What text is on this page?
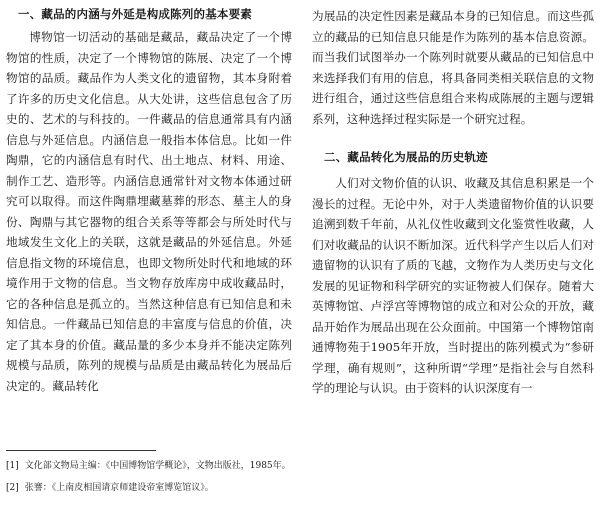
一、藏品的内涵与外延是构成陈列的基本要素

博物馆一切活动的基础是藏品，藏品决定了一个博物馆的性质，决定了一个博物馆的陈展、决定了一个博物馆的品质。藏品作为人类文化的遗留物，其本身附着了许多的历史文化信息。从大处讲，这些信息包含了历史的、艺术的与科技的。一件藏品的信息通常具有内涵信息与外延信息。内涵信息一般指本体信息。比如一件陶鼎，它的内涵信息有时代、出土地点、材料、用途、制作工艺、造形等。内涵信息通常针对文物本体通过研究可以取得。而这件陶鼎埋藏墓葬的形态、墓主人的身份、陶鼎与其它器物的组合关系等等都会与所处时代与地域发生文化上的关联，这就是藏品的外延信息。外延信息指文物的环境信息，也即文物所处时代和地域的环境作用于文物的信息。当文物存放库房中成收藏品时，它的各种信息是孤立的。当然这种信息有已知信息和未知信息。一件藏品已知信息的丰富度与信息的价值，决定了其本身的价值。藏品量的多少本身并不能决定陈列规模与品质，陈列的规模与品质是由藏品转化为展品后决定的。藏品转化

为展品的决定性因素是藏品本身的已知信息。而这些孤立的藏品的已知信息只能是作为陈列的基本信息资源。而当我们试图举办一个陈列时就要从藏品的已知信息中来选择我们有用的信息，将具备同类相关联信息的文物进行组合，通过这些信息组合来构成陈展的主题与逻辑系列，这种选择过程实际是一个研究过程。

二、藏品转化为展品的历史轨迹

人们对文物价值的认识、收藏及其信息积累是一个漫长的过程。无论中外，对于人类遗留物价值的认识要追溯到数千年前，从礼仪性收藏到文化鉴赏性收藏，人们对收藏品的认识不断加深。近代科学产生以后人们对遗留物的认识有了质的飞越，文物作为人类历史与文化发展的见证物和科学研究的实证物被人们保存。随着大英博物馆、卢浮宫等博物馆的成立和对公众的开放，藏品开始作为展品出现在公众面前。中国第一个博物馆南通博物苑于1905年开放，当时提出的陈列模式为“参研学理，确有规则”，这种所谓“学理”是指社会与自然科学的理论与认识。由于资料的认识深度有一

[1] 文化部文物局主编：《中国博物馆学概论》，文物出版社，1985年。
[2] 张謇：《上南皮相国请京师建设帝室博览馆议》。
